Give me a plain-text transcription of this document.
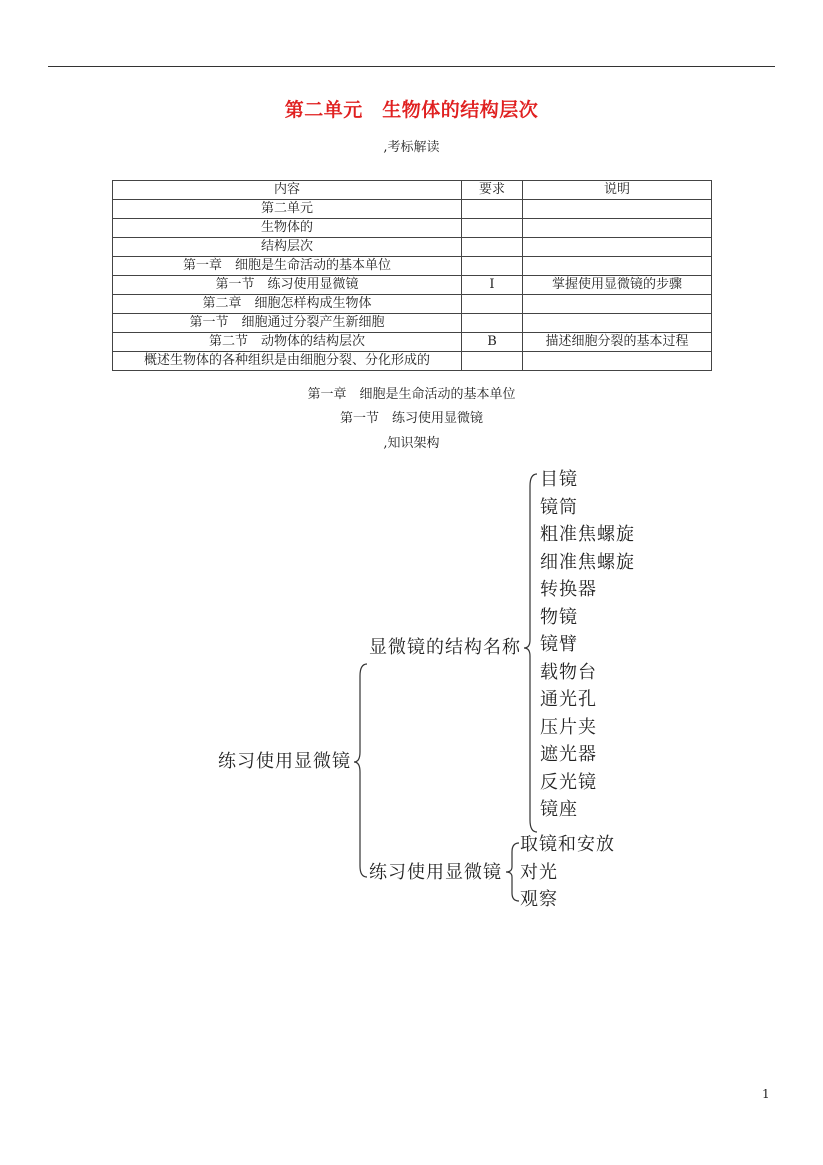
第二单元　生物体的结构层次
,考标解读
内容	要求	说明
第二单元		
生物体的		
结构层次		
第一章　细胞是生命活动的基本单位		
第一节　练习使用显微镜	Ⅰ	掌握使用显微镜的步骤
第二章　细胞怎样构成生物体		
第一节　细胞通过分裂产生新细胞		
第二节　动物体的结构层次	B	描述细胞分裂的基本过程
概述生物体的各种组织是由细胞分裂、分化形成的		
第一章　细胞是生命活动的基本单位
第一节　练习使用显微镜
,知识架构
练习使用显微镜
显微镜的结构名称
练习使用显微镜
目镜
镜筒
粗准焦螺旋
细准焦螺旋
转换器
物镜
镜臂
载物台
通光孔
压片夹
遮光器
反光镜
镜座
取镜和安放
对光
观察
1
